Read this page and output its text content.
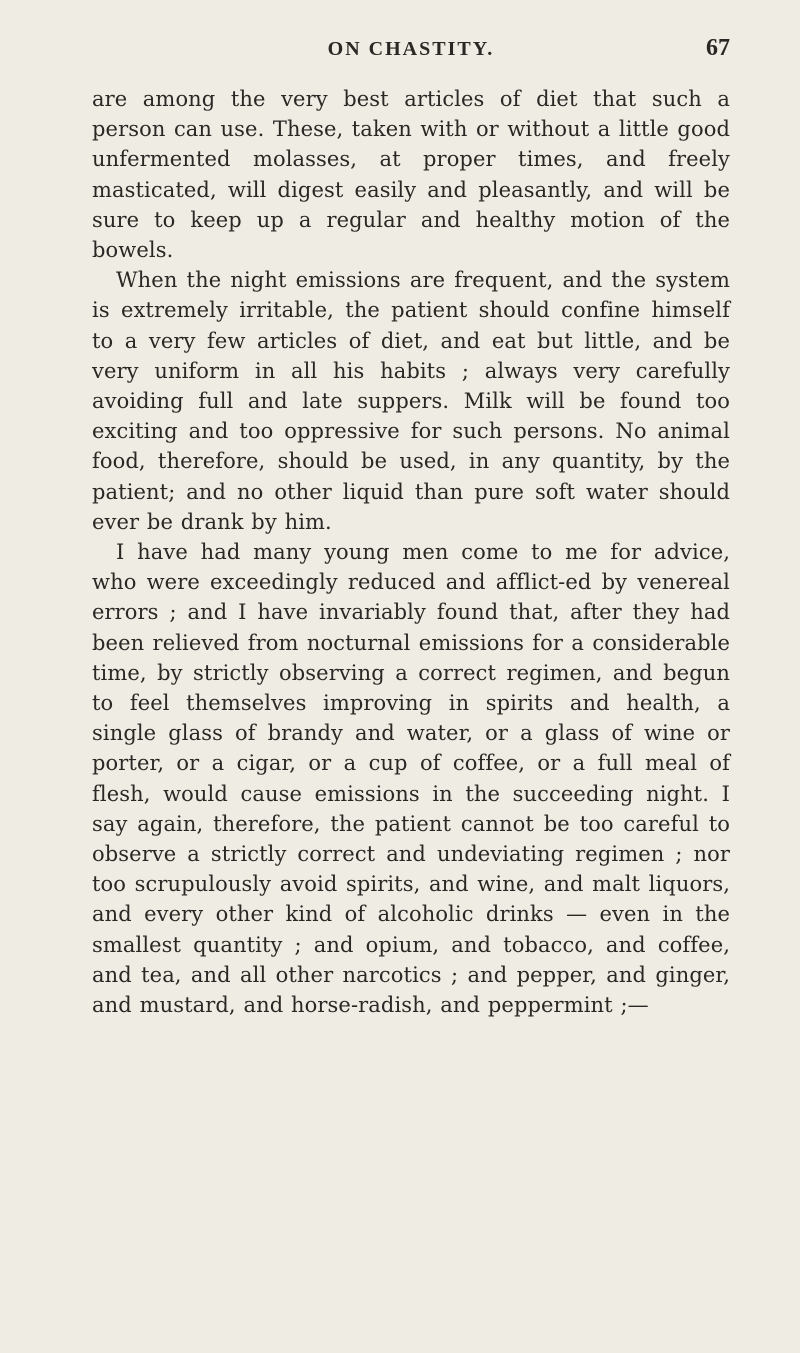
ON CHASTITY.	67

are among the very best articles of diet that such a person can use. These, taken with or without a little good unfermented molasses, at proper times, and freely masticated, will digest easily and pleasantly, and will be sure to keep up a regular and healthy motion of the bowels.

When the night emissions are frequent, and the system is extremely irritable, the patient should confine himself to a very few articles of diet, and eat but little, and be very uniform in all his habits ; always very carefully avoiding full and late suppers. Milk will be found too exciting and too oppressive for such persons. No animal food, therefore, should be used, in any quantity, by the patient; and no other liquid than pure soft water should ever be drank by him.

I have had many young men come to me for advice, who were exceedingly reduced and afflict-ed by venereal errors ; and I have invariably found that, after they had been relieved from nocturnal emissions for a considerable time, by strictly observing a correct regimen, and begun to feel themselves improving in spirits and health, a single glass of brandy and water, or a glass of wine or porter, or a cigar, or a cup of coffee, or a full meal of flesh, would cause emissions in the succeeding night. I say again, therefore, the patient cannot be too careful to observe a strictly correct and undeviating regimen ; nor too scrupulously avoid spirits, and wine, and malt liquors, and every other kind of alcoholic drinks — even in the smallest quantity ; and opium, and tobacco, and coffee, and tea, and all other narcotics ; and pepper, and ginger, and mustard, and horse-radish, and peppermint ;—
